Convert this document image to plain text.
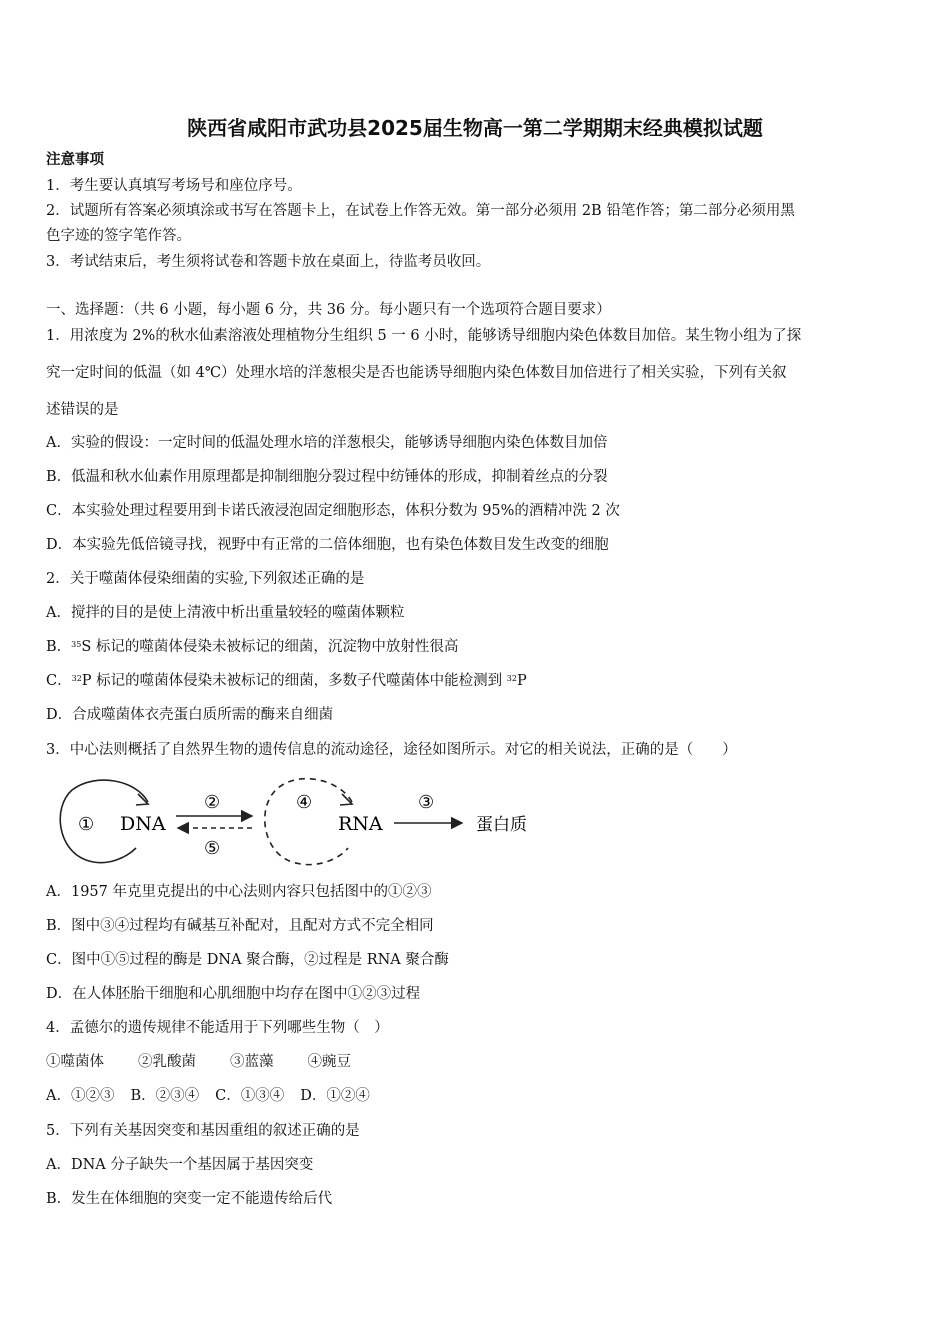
陕西省咸阳市武功县2025届生物高一第二学期期末经典模拟试题
注意事项
1．考生要认真填写考场号和座位序号。
2．试题所有答案必须填涂或书写在答题卡上，在试卷上作答无效。第一部分必须用 2B 铅笔作答；第二部分必须用黑
色字迹的签字笔作答。
3．考试结束后，考生须将试卷和答题卡放在桌面上，待监考员收回。
一、选择题：（共 6 小题，每小题 6 分，共 36 分。每小题只有一个选项符合题目要求）
1．用浓度为 2%的秋水仙素溶液处理植物分生组织 5 一 6 小时，能够诱导细胞内染色体数目加倍。某生物小组为了探
究一定时间的低温（如 4℃）处理水培的洋葱根尖是否也能诱导细胞内染色体数目加倍进行了相关实验，下列有关叙
述错误的是
A．实验的假设：一定时间的低温处理水培的洋葱根尖，能够诱导细胞内染色体数目加倍
B．低温和秋水仙素作用原理都是抑制细胞分裂过程中纺锤体的形成，抑制着丝点的分裂
C．本实验处理过程要用到卡诺氏液浸泡固定细胞形态，体积分数为 95%的酒精冲洗 2 次
D．本实验先低倍镜寻找，视野中有正常的二倍体细胞，也有染色体数目发生改变的细胞
2．关于噬菌体侵染细菌的实验,下列叙述正确的是
A．搅拌的目的是使上清液中析出重量较轻的噬菌体颗粒
B．$^{35}$S 标记的噬菌体侵染未被标记的细菌，沉淀物中放射性很高
C．$^{32}$P 标记的噬菌体侵染未被标记的细菌，多数子代噬菌体中能检测到 $^{32}$P
D．合成噬菌体衣壳蛋白质所需的酶来自细菌
3．中心法则概括了自然界生物的遗传信息的流动途径，途径如图所示。对它的相关说法，正确的是（　　）
① DNA
②
⑤
④
RNA
③
蛋白质
A．1957 年克里克提出的中心法则内容只包括图中的①②③
B．图中③④过程均有碱基互补配对，且配对方式不完全相同
C．图中①⑤过程的酶是 DNA 聚合酶，②过程是 RNA 聚合酶
D．在人体胚胎干细胞和心肌细胞中均存在图中①②③过程
4．孟德尔的遗传规律不能适用于下列哪些生物（　）
①噬菌体 ②乳酸菌 ③蓝藻 ④豌豆
A．①②③ B．②③④ C．①③④ D．①②④
5．下列有关基因突变和基因重组的叙述正确的是
A．DNA 分子缺失一个基因属于基因突变
B．发生在体细胞的突变一定不能遗传给后代
